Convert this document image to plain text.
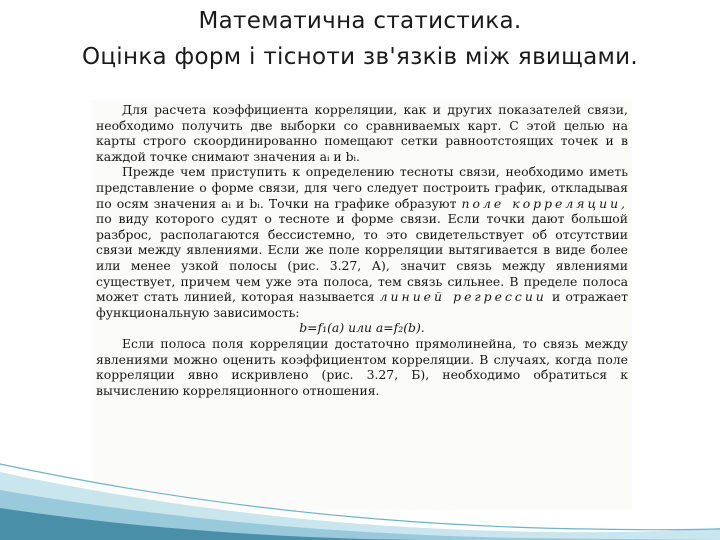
Математична статистика.
Оцінка форм і тісноти зв'язків між явищами.

Для расчета коэффициента корреляции, как и других показателей связи, необходимо получить две выборки со сравниваемых карт. С этой целью на карты строго скоординированно помещают сетки равноотстоящих точек и в каждой точке снимают значения aᵢ и bᵢ.

Прежде чем приступить к определению тесноты связи, необходимо иметь представление о форме связи, для чего следует построить график, откладывая по осям значения aᵢ и bᵢ. Точки на графике образуют поле корреляции, по виду которого судят о тесноте и форме связи. Если точки дают большой разброс, располагаются бессистемно, то это свидетельствует об отсутствии связи между явлениями. Если же поле корреляции вытягивается в виде более или менее узкой полосы (рис. 3.27, А), значит связь между явлениями существует, причем чем уже эта полоса, тем связь сильнее. В пределе полоса может стать линией, которая называется линией регрессии и отражает функциональную зависимость:

b=f₁(a) или a=f₂(b).

Если полоса поля корреляции достаточно прямолинейна, то связь между явлениями можно оценить коэффициентом корреляции. В случаях, когда поле корреляции явно искривлено (рис. 3.27, Б), необходимо обратиться к вычислению корреляционного отношения.
